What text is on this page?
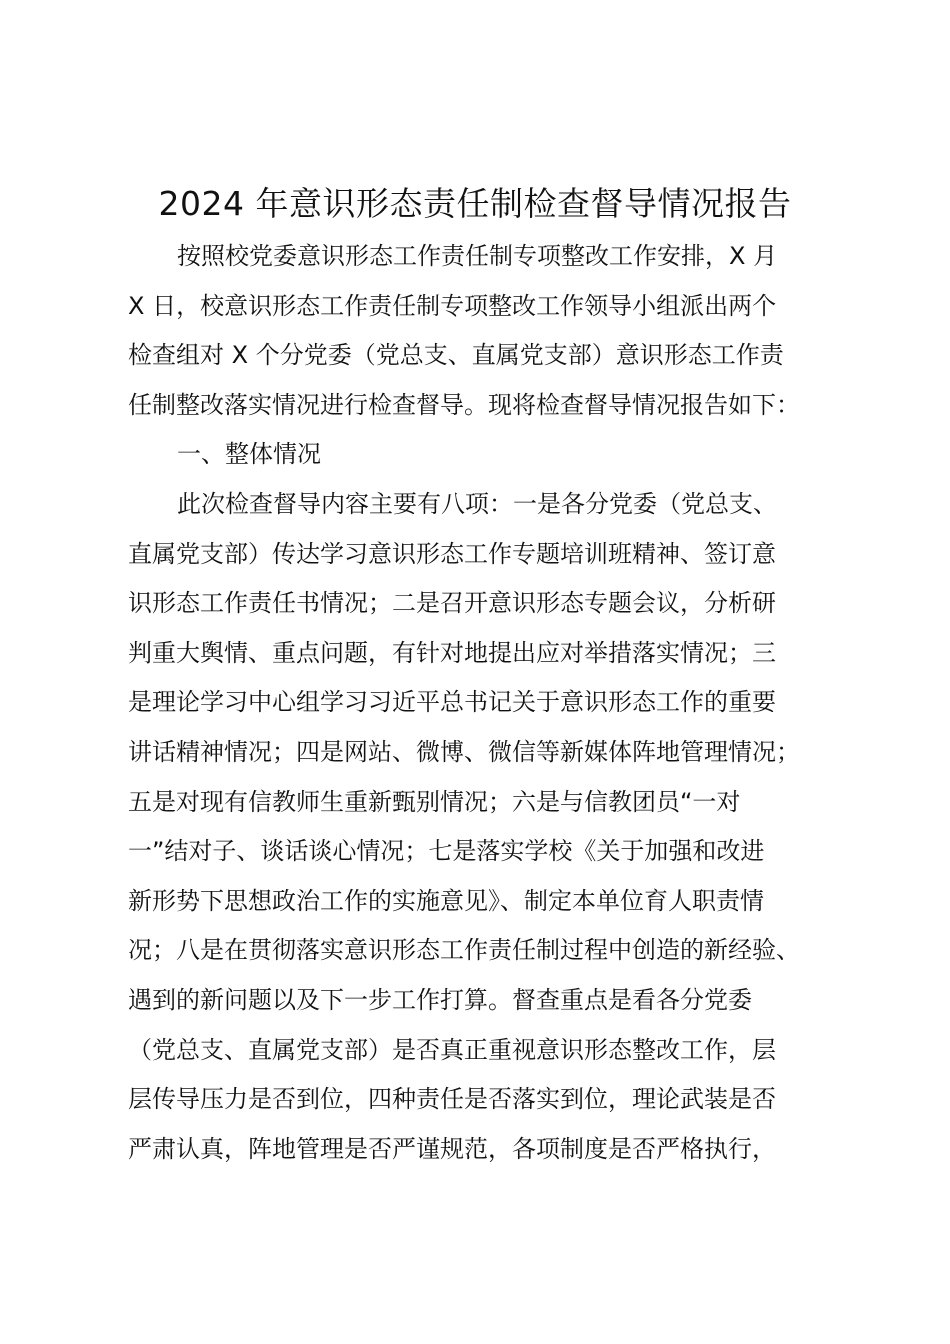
2024 年意识形态责任制检查督导情况报告
按照校党委意识形态工作责任制专项整改工作安排，X 月
X 日，校意识形态工作责任制专项整改工作领导小组派出两个
检查组对 X 个分党委（党总支、直属党支部）意识形态工作责
任制整改落实情况进行检查督导。现将检查督导情况报告如下：
一、整体情况
此次检查督导内容主要有八项：一是各分党委（党总支、
直属党支部）传达学习意识形态工作专题培训班精神、签订意
识形态工作责任书情况；二是召开意识形态专题会议，分析研
判重大舆情、重点问题，有针对地提出应对举措落实情况；三
是理论学习中心组学习习近平总书记关于意识形态工作的重要
讲话精神情况；四是网站、微博、微信等新媒体阵地管理情况；
五是对现有信教师生重新甄别情况；六是与信教团员“一对
一”结对子、谈话谈心情况；七是落实学校《关于加强和改进
新形势下思想政治工作的实施意见》、制定本单位育人职责情
况；八是在贯彻落实意识形态工作责任制过程中创造的新经验、
遇到的新问题以及下一步工作打算。督查重点是看各分党委
（党总支、直属党支部）是否真正重视意识形态整改工作，层
层传导压力是否到位，四种责任是否落实到位，理论武装是否
严肃认真，阵地管理是否严谨规范，各项制度是否严格执行，
